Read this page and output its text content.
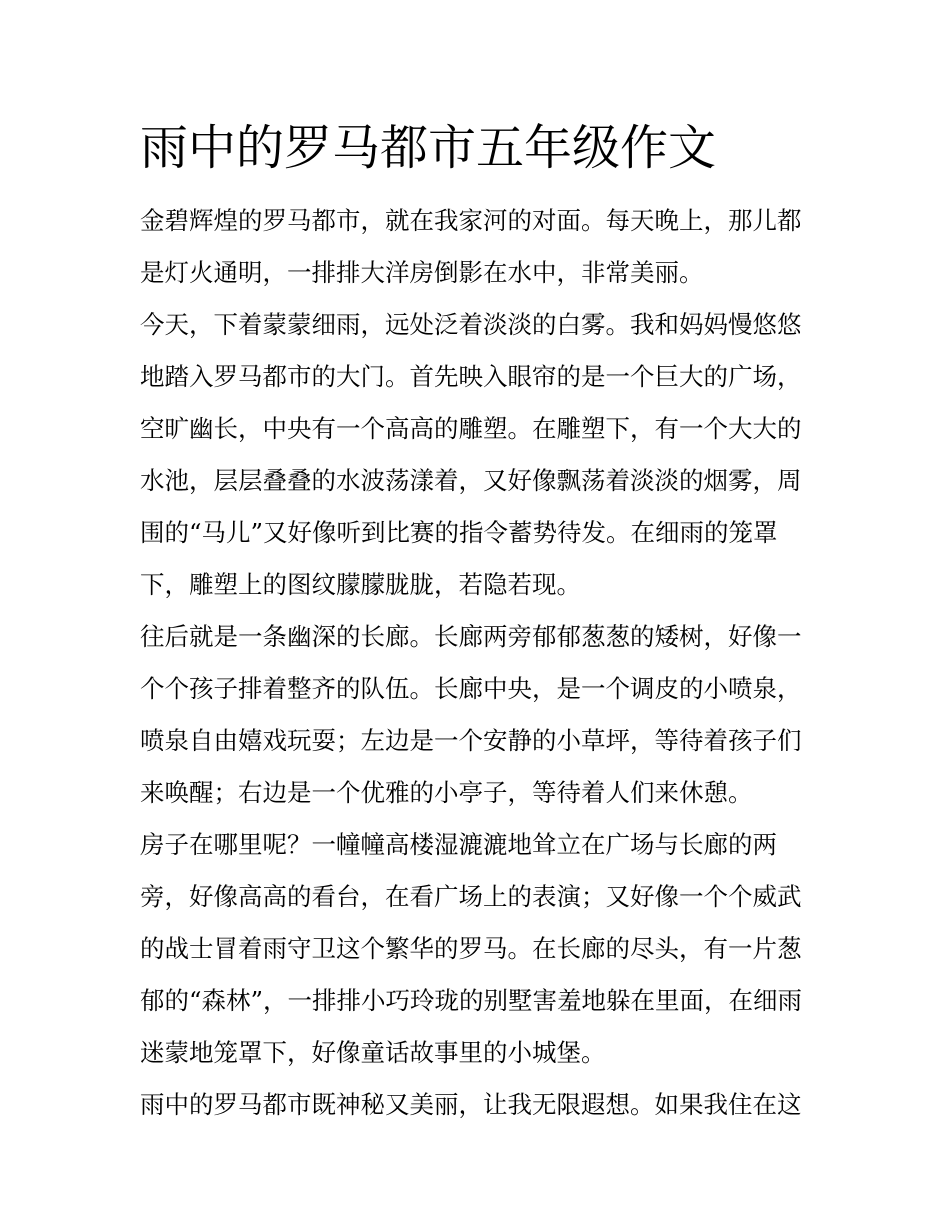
雨中的罗马都市五年级作文

金碧辉煌的罗马都市，就在我家河的对面。每天晚上，那儿都

是灯火通明，一排排大洋房倒影在水中，非常美丽。

今天，下着蒙蒙细雨，远处泛着淡淡的白雾。我和妈妈慢悠悠

地踏入罗马都市的大门。首先映入眼帘的是一个巨大的广场，

空旷幽长，中央有一个高高的雕塑。在雕塑下，有一个大大的

水池，层层叠叠的水波荡漾着，又好像飘荡着淡淡的烟雾，周

围的“马儿”又好像听到比赛的指令蓄势待发。在细雨的笼罩

下，雕塑上的图纹朦朦胧胧，若隐若现。

往后就是一条幽深的长廊。长廊两旁郁郁葱葱的矮树，好像一

个个孩子排着整齐的队伍。长廊中央，是一个调皮的小喷泉，

喷泉自由嬉戏玩耍；左边是一个安静的小草坪，等待着孩子们

来唤醒；右边是一个优雅的小亭子，等待着人们来休憩。

房子在哪里呢？一幢幢高楼湿漉漉地耸立在广场与长廊的两

旁，好像高高的看台，在看广场上的表演；又好像一个个威武

的战士冒着雨守卫这个繁华的罗马。在长廊的尽头，有一片葱

郁的“森林”，一排排小巧玲珑的别墅害羞地躲在里面，在细雨

迷蒙地笼罩下，好像童话故事里的小城堡。

雨中的罗马都市既神秘又美丽，让我无限遐想。如果我住在这
